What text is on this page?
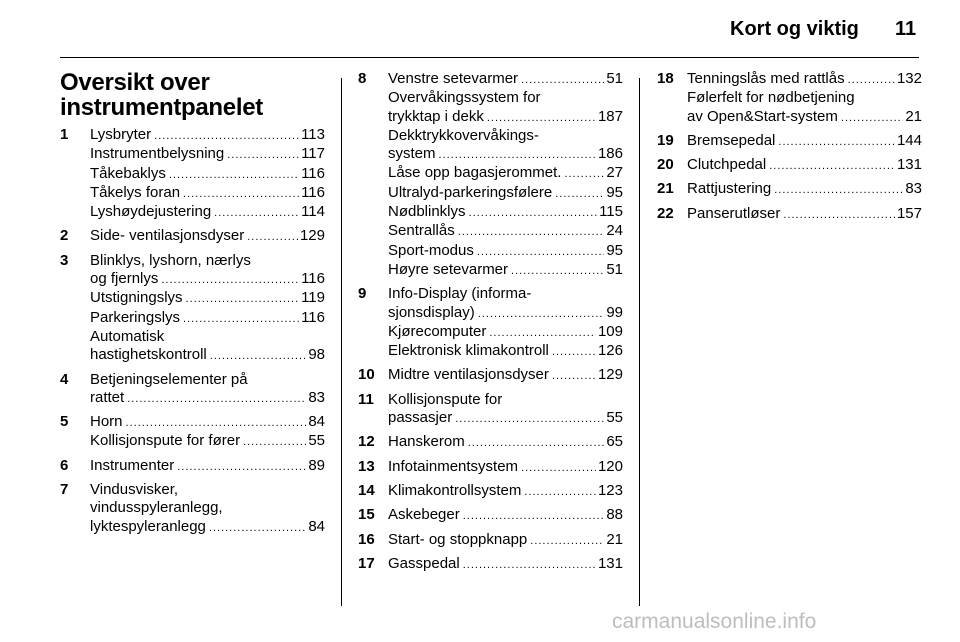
Kort og viktig 11
Oversikt over
instrumentpanelet
1	Lysbryter .....	113
Instrumentbelysning .....	117
Tåkebaklys .....	116
Tåkelys foran .....	116
Lyshøydejustering .....	114
2	Side- ventilasjonsdyser .....	129
3	Blinklys, lyshorn, nærlys
og fjernlys .....	116
Utstigningslys .....	119
Parkeringslys .....	116
Automatisk
hastighetskontroll .....	98
4	Betjeningselementer på
rattet .....	83
5	Horn .....	84
Kollisjonspute for fører .....	55
6	Instrumenter .....	89
7	Vindusvisker,
vindusspyleranlegg,
lyktespyleranlegg .....	84
8	Venstre setevarmer .....	51
Overvåkingssystem for
trykktap i dekk .....	187
Dekktrykkovervåkings-
system .....	186
Låse opp bagasjerommet. .....	27
Ultralyd-parkeringsfølere .....	95
Nødblinklys .....	115
Sentrallås .....	24
Sport-modus .....	95
Høyre setevarmer .....	51
9	Info-Display (informa-
sjonsdisplay) .....	99
Kjørecomputer .....	109
Elektronisk klimakontroll .....	126
10 Midtre ventilasjonsdyser .....	129
11 Kollisjonspute for
passasjer .....	55
12 Hanskerom .....	65
13 Infotainmentsystem .....	120
14 Klimakontrollsystem .....	123
15 Askebeger .....	88
16 Start- og stoppknapp .....	21
17 Gasspedal .....	131
18 Tenningslås med rattlås .....	132
Følerfelt for nødbetjening
av Open&Start-system .....	21
19 Bremsepedal .....	144
20 Clutchpedal .....	131
21 Rattjustering .....	83
22 Panserutløser .....	157
carmanualsonline.info
